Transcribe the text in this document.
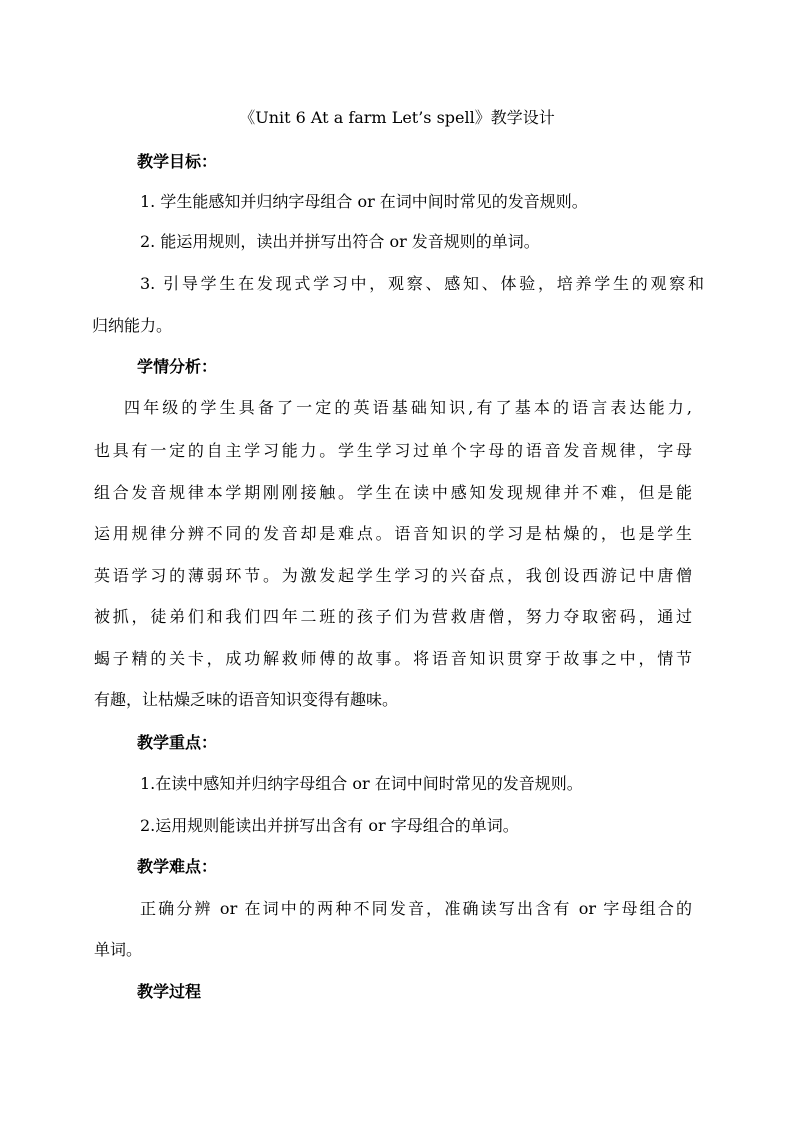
《Unit 6 At a farm Let’s spell》教学设计
教学目标：
1. 学生能感知并归纳字母组合 or 在词中间时常见的发音规则。
2. 能运用规则，读出并拼写出符合 or 发音规则的单词。
3. 引导学生在发现式学习中，观察、感知、体验，培养学生的观察和
归纳能力。
学情分析：
四年级的学生具备了一定的英语基础知识,有了基本的语言表达能力,
也具有一定的自主学习能力。学生学习过单个字母的语音发音规律，字母
组合发音规律本学期刚刚接触。学生在读中感知发现规律并不难，但是能
运用规律分辨不同的发音却是难点。语音知识的学习是枯燥的，也是学生
英语学习的薄弱环节。为激发起学生学习的兴奋点，我创设西游记中唐僧
被抓，徒弟们和我们四年二班的孩子们为营救唐僧，努力夺取密码，通过
蝎子精的关卡，成功解救师傅的故事。将语音知识贯穿于故事之中，情节
有趣，让枯燥乏味的语音知识变得有趣味。
教学重点：
1.在读中感知并归纳字母组合 or 在词中间时常见的发音规则。
2.运用规则能读出并拼写出含有 or 字母组合的单词。
教学难点：
正确分辨 or 在词中的两种不同发音，准确读写出含有 or 字母组合的
单词。
教学过程
